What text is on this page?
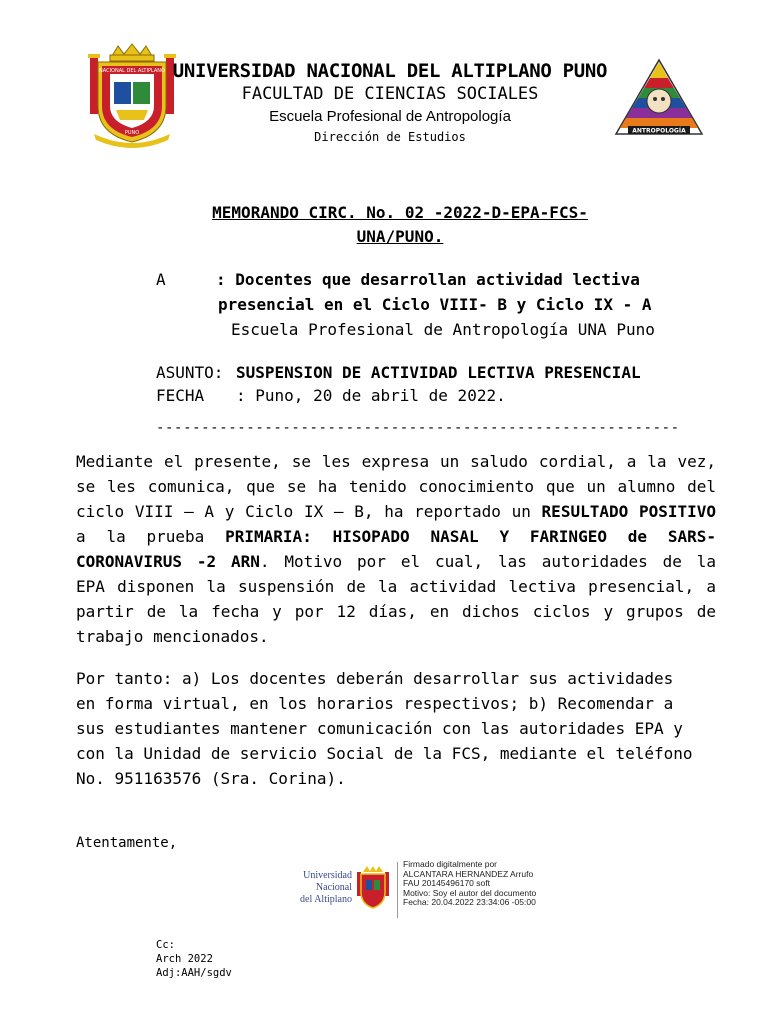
NACIONAL DEL ALTIPLANO
PUNO
UNIVERSIDAD NACIONAL DEL ALTIPLANO PUNO
FACULTAD DE CIENCIAS SOCIALES
Escuela Profesional de Antropología
Dirección de Estudios	ANTROPOLOGÍA
MEMORANDO CIRC. No. 02 -2022-D-EPA-FCS-
UNA/PUNO.
A	: Docentes que desarrollan actividad lectiva
presencial en el Ciclo VIII- B y Ciclo IX - A
Escuela Profesional de Antropología UNA Puno
ASUNTO: SUSPENSION DE ACTIVIDAD LECTIVA PRESENCIAL
FECHA : Puno, 20 de abril de 2022.
----------------------------------------------------------
Mediante el presente, se les expresa un saludo cordial, a la vez,
se les comunica, que se ha tenido conocimiento que un alumno del
ciclo VIII – A y Ciclo IX – B, ha reportado un RESULTADO POSITIVO
a la prueba PRIMARIA: HISOPADO NASAL Y FARINGEO de SARS-
CORONAVIRUS -2 ARN. Motivo por el cual, las autoridades de la
EPA disponen la suspensión de la actividad lectiva presencial, a
partir de la fecha y por 12 días, en dichos ciclos y grupos de
trabajo mencionados.
Por tanto: a) Los docentes deberán desarrollar sus actividades
en forma virtual, en los horarios respectivos; b) Recomendar a
sus estudiantes mantener comunicación con las autoridades EPA y
con la Unidad de servicio Social de la FCS, mediante el teléfono
No. 951163576 (Sra. Corina).
Atentamente,
Universidad
Nacional
del Altiplano
Firmado digitalmente por
ALCANTARA HERNANDEZ Arrufo
FAU 20145496170 soft
Motivo: Soy el autor del documento
Fecha: 20.04.2022 23:34:06 -05:00
Cc:
Arch 2022
Adj:AAH/sgdv
